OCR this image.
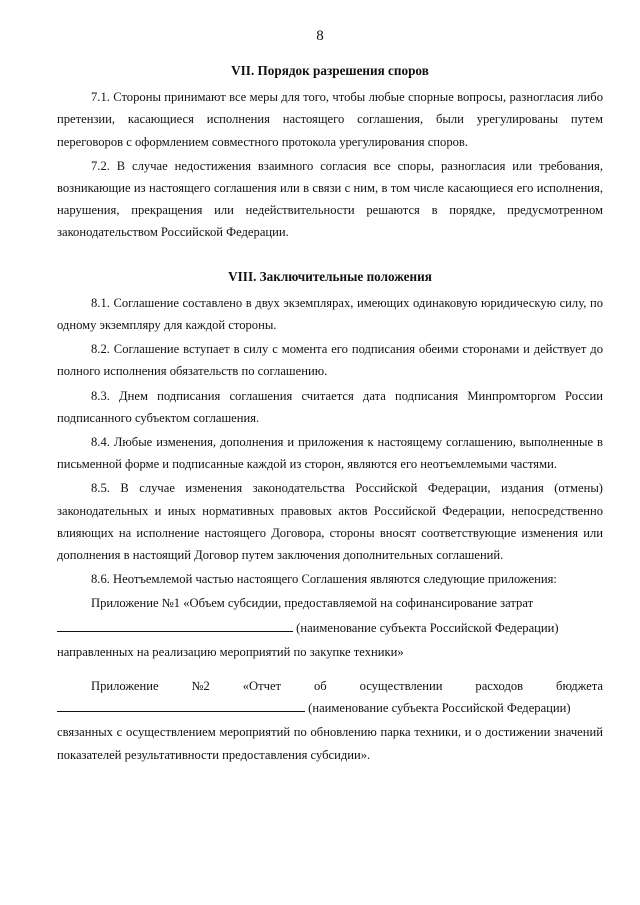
8
VII. Порядок разрешения споров

7.1. Стороны принимают все меры для того, чтобы любые спорные вопросы, разногласия либо претензии, касающиеся исполнения настоящего соглашения, были урегулированы путем переговоров с оформлением совместного протокола урегулирования споров.

7.2. В случае недостижения взаимного согласия все споры, разногласия или требования, возникающие из настоящего соглашения или в связи с ним, в том числе касающиеся его исполнения, нарушения, прекращения или недействительности решаются в порядке, предусмотренном законодательством Российской Федерации.

VIII. Заключительные положения

8.1. Соглашение составлено в двух экземплярах, имеющих одинаковую юридическую силу, по одному экземпляру для каждой стороны.

8.2. Соглашение вступает в силу с момента его подписания обеими сторонами и действует до полного исполнения обязательств по соглашению.

8.3. Днем подписания соглашения считается дата подписания Минпромторгом России подписанного субъектом соглашения.

8.4. Любые изменения, дополнения и приложения к настоящему соглашению, выполненные в письменной форме и подписанные каждой из сторон, являются его неотъемлемыми частями.

8.5. В случае изменения законодательства Российской Федерации, издания (отмены) законодательных и иных нормативных правовых актов Российской Федерации, непосредственно влияющих на исполнение настоящего Договора, стороны вносят соответствующие изменения или дополнения в настоящий Договор путем заключения дополнительных соглашений.

8.6. Неотъемлемой частью настоящего Соглашения являются следующие приложения:

Приложение №1 «Объем субсидии, предоставляемой на софинансирование затрат

(наименование субъекта Российской Федерации)

направленных на реализацию мероприятий по закупке техники»

Приложение	№2	«Отчет	об	осуществлении	расходов	бюджета

(наименование субъекта Российской Федерации)

связанных с осуществлением мероприятий по обновлению парка техники, и о достижении значений показателей результативности предоставления субсидии».
